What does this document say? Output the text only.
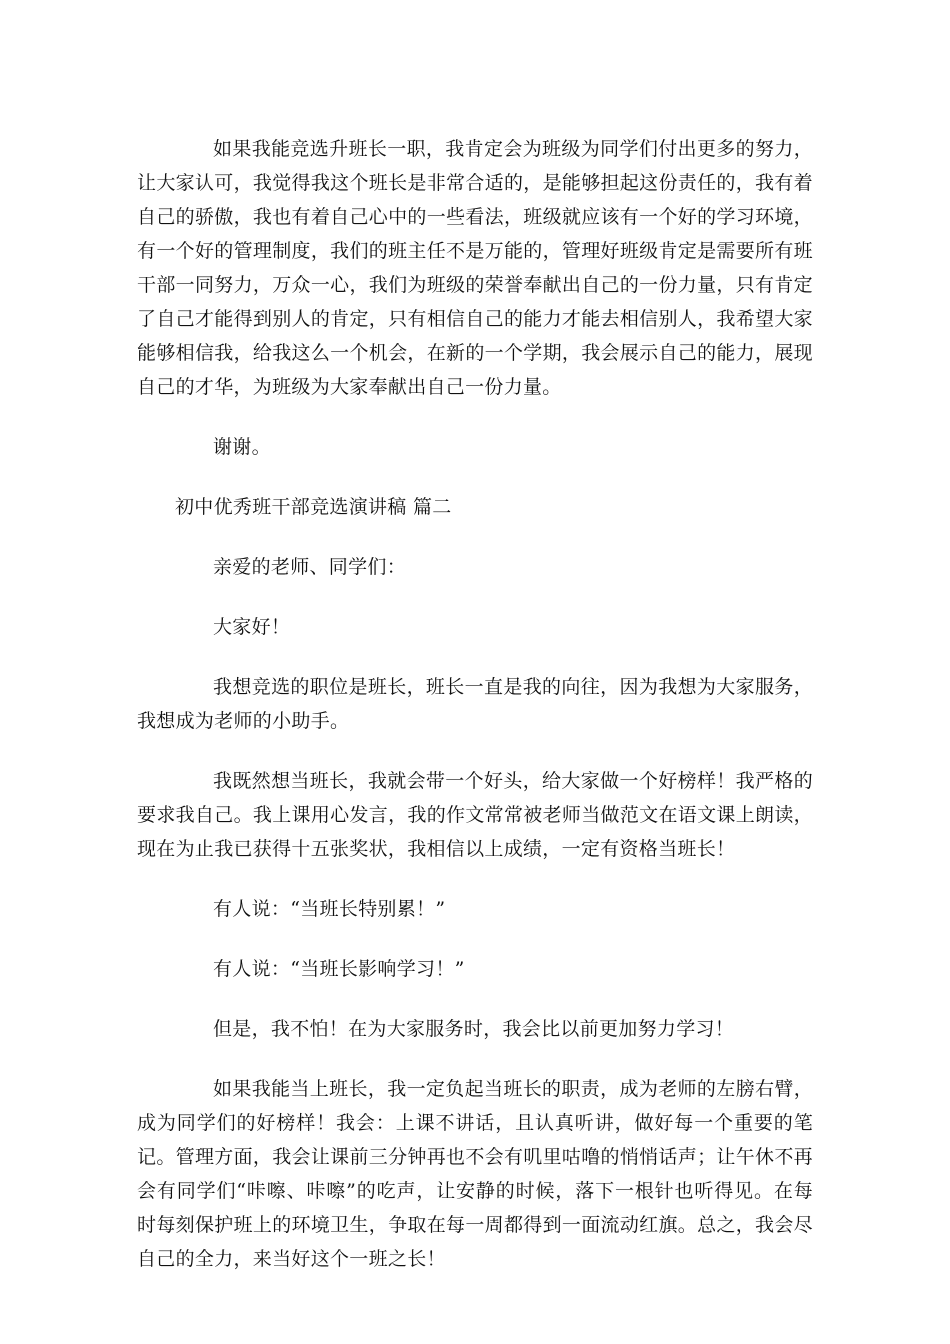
如果我能竞选升班长一职，我肯定会为班级为同学们付出更多的努力，让大家认可，我觉得我这个班长是非常合适的，是能够担起这份责任的，我有着自己的骄傲，我也有着自己心中的一些看法，班级就应该有一个好的学习环境，有一个好的管理制度，我们的班主任不是万能的，管理好班级肯定是需要所有班干部一同努力，万众一心，我们为班级的荣誉奉献出自己的一份力量，只有肯定了自己才能得到别人的肯定，只有相信自己的能力才能去相信别人，我希望大家能够相信我，给我这么一个机会，在新的一个学期，我会展示自己的能力，展现自己的才华，为班级为大家奉献出自己一份力量。

谢谢。

初中优秀班干部竞选演讲稿 篇二

亲爱的老师、同学们：

大家好！

我想竞选的职位是班长，班长一直是我的向往，因为我想为大家服务，我想成为老师的小助手。

我既然想当班长，我就会带一个好头，给大家做一个好榜样！我严格的要求我自己。我上课用心发言，我的作文常常被老师当做范文在语文课上朗读，现在为止我已获得十五张奖状，我相信以上成绩，一定有资格当班长！

有人说：“当班长特别累！”

有人说：“当班长影响学习！”

但是，我不怕！在为大家服务时，我会比以前更加努力学习！

如果我能当上班长，我一定负起当班长的职责，成为老师的左膀右臂，成为同学们的好榜样！我会：上课不讲话，且认真听讲，做好每一个重要的笔记。管理方面，我会让课前三分钟再也不会有叽里咕噜的悄悄话声；让午休不再会有同学们“咔嚓、咔嚓”的吃声，让安静的时候，落下一根针也听得见。在每时每刻保护班上的环境卫生，争取在每一周都得到一面流动红旗。总之，我会尽自己的全力，来当好这个一班之长！
